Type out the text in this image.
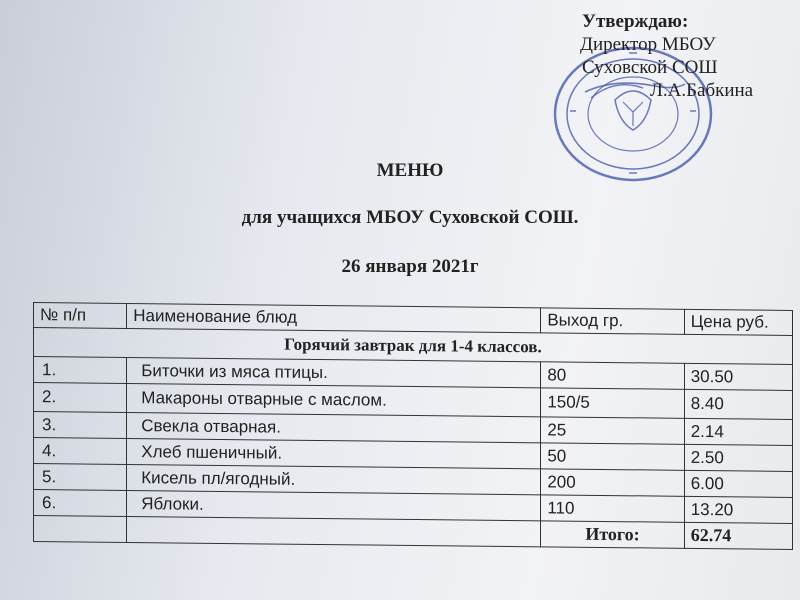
Утверждаю:
Директор МБОУ
Суховской СОШ
Л.А.Бабкина
МЕНЮ
для учащихся МБОУ Суховской СОШ.
26 января 2021г
№ п/п	Наименование блюд	Выход гр.	Цена руб.
Горячий завтрак для 1-4 классов.			
1.	Биточки из мяса птицы.	80	30.50
2.	Макароны отварные с маслом.	150/5	8.40
3.	Свекла отварная.	25	2.14
4.	Хлеб пшеничный.	50	2.50
5.	Кисель пл/ягодный.	200	6.00
6.	Яблоки.	110	13.20
		Итого:	62.74
